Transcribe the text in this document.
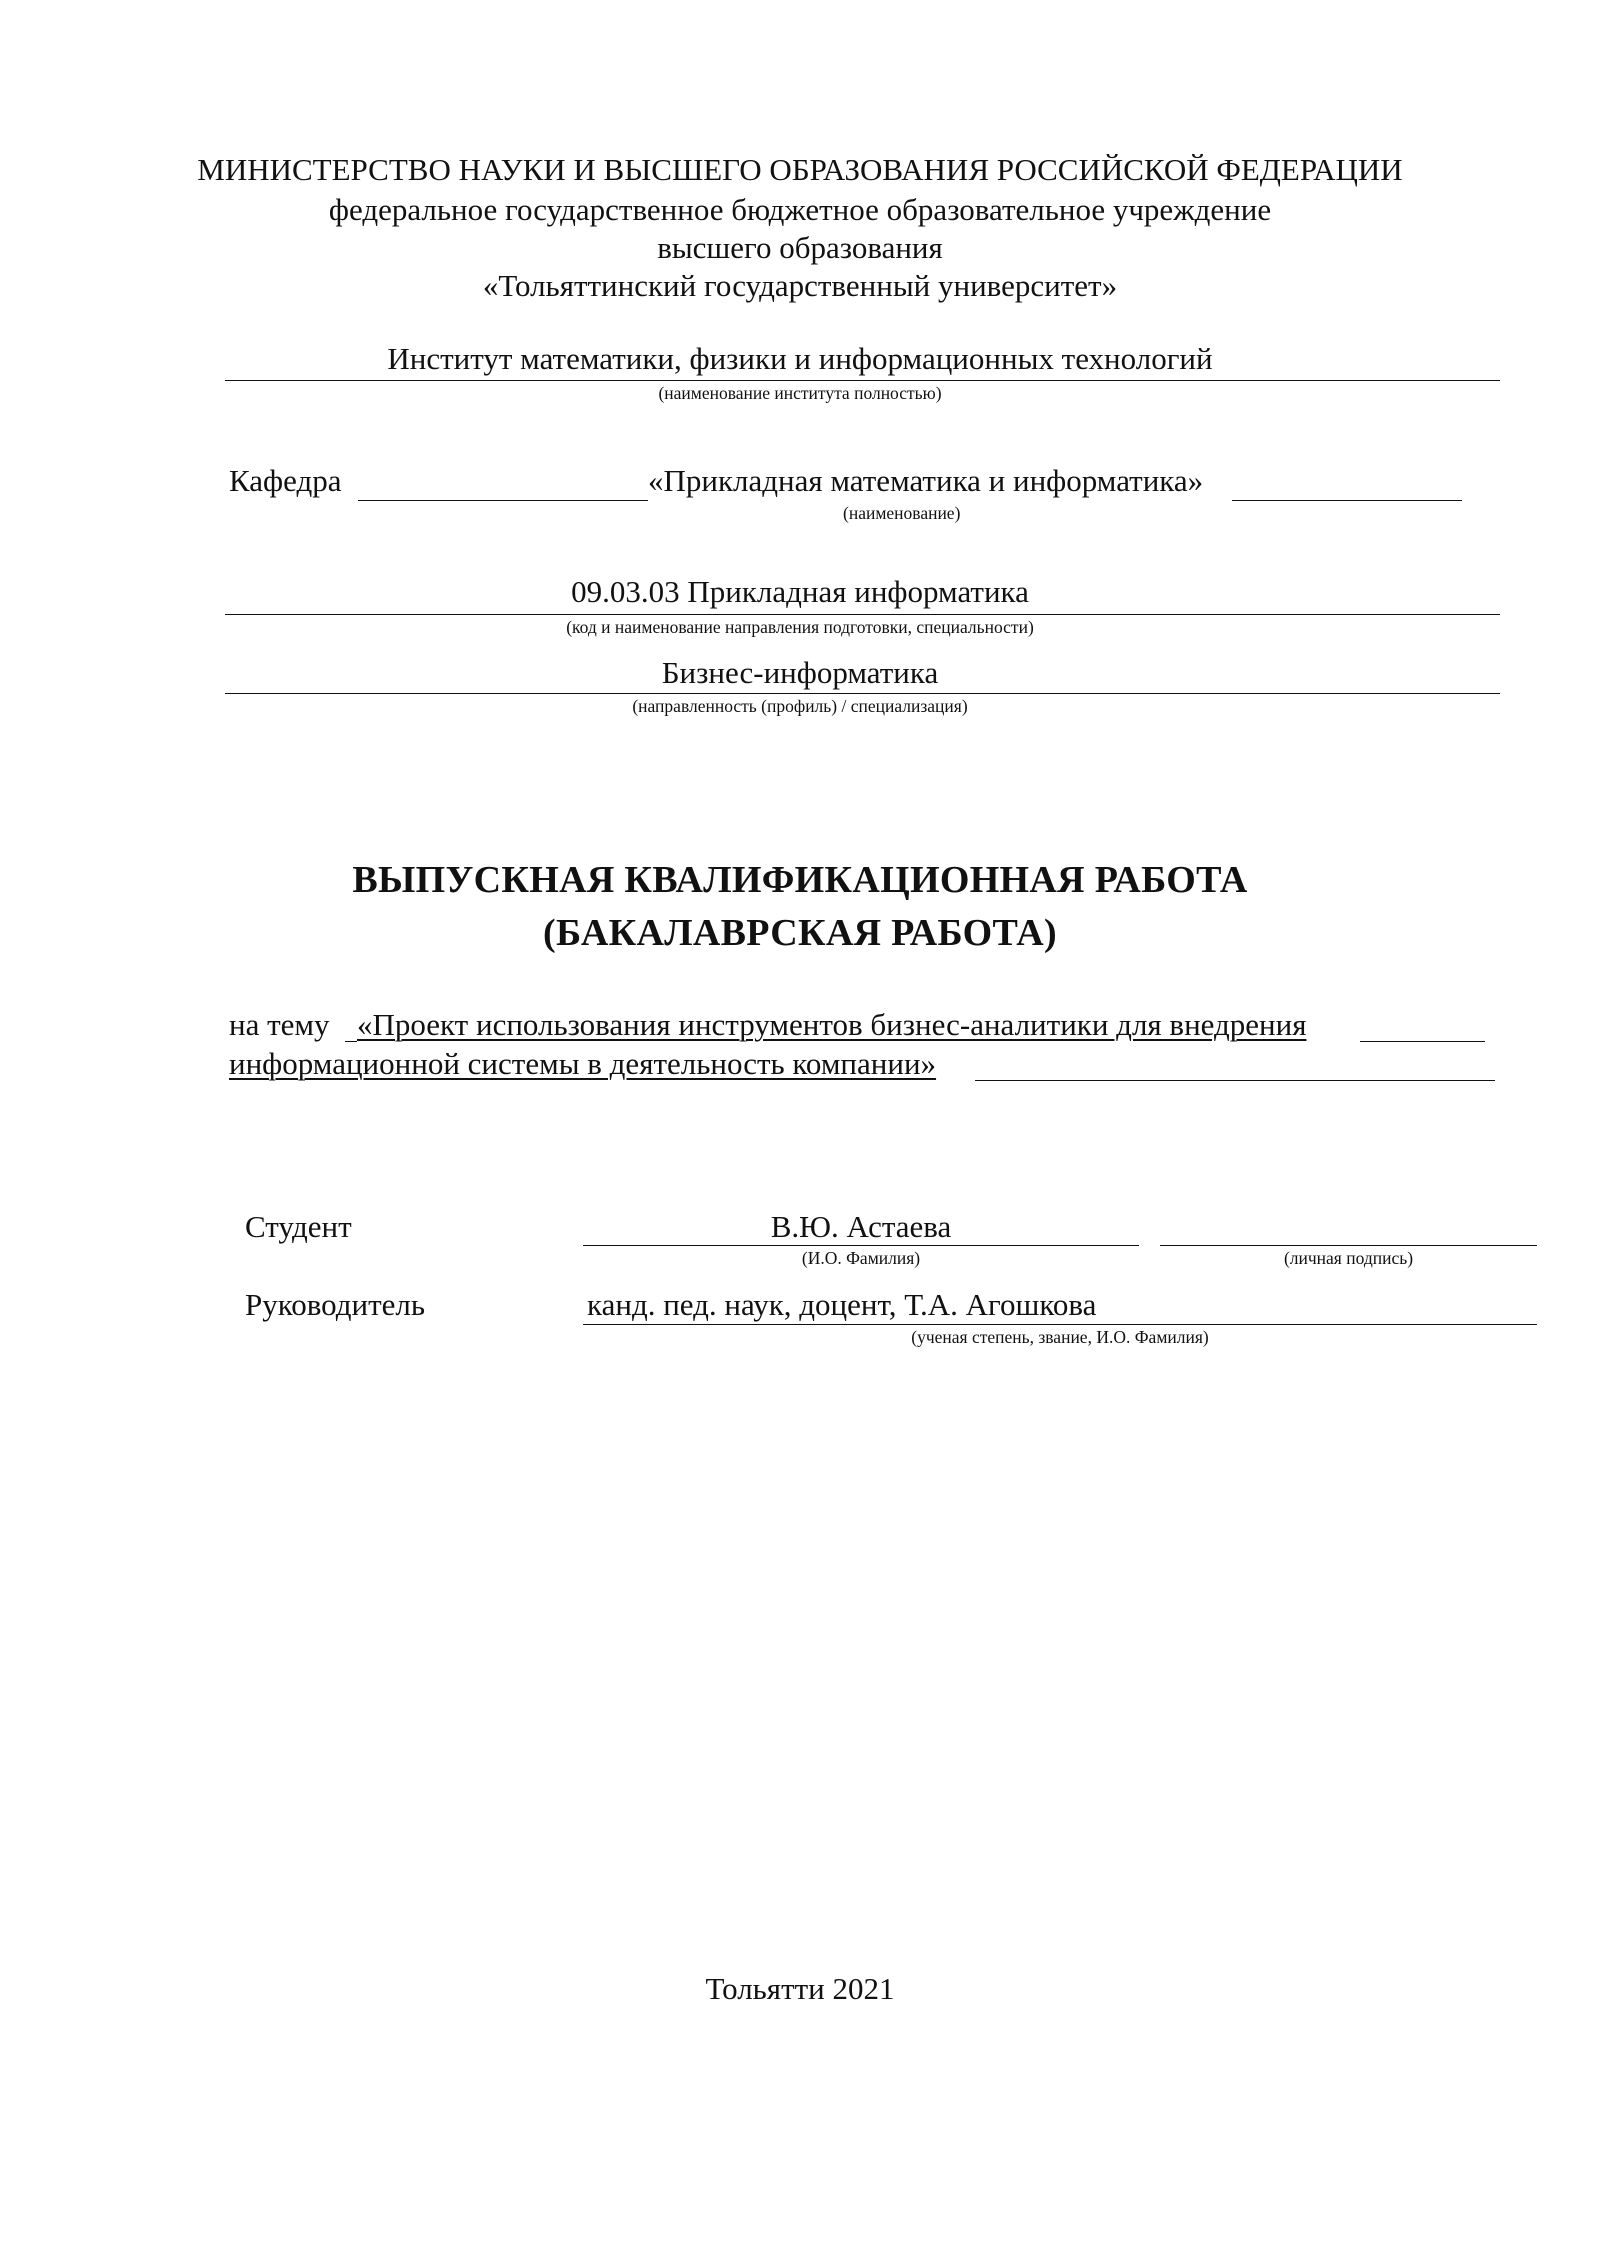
МИНИСТЕРСТВО НАУКИ И ВЫСШЕГО ОБРАЗОВАНИЯ РОССИЙСКОЙ ФЕДЕРАЦИИ
федеральное государственное бюджетное образовательное учреждение
высшего образования
«Тольяттинский государственный университет»
Институт математики, физики и информационных технологий
(наименование института полностью)
Кафедра	«Прикладная математика и информатика»
(наименование)
09.03.03 Прикладная информатика
(код и наименование направления подготовки, специальности)
Бизнес-информатика
(направленность (профиль) / специализация)
ВЫПУСКНАЯ КВАЛИФИКАЦИОННАЯ РАБОТА
(БАКАЛАВРСКАЯ РАБОТА)
на тему «Проект использования инструментов бизнес-аналитики для внедрения
информационной системы в деятельность компании»
Студент	В.Ю. Астаева
(И.О. Фамилия)	(личная подпись)
Руководитель	канд. пед. наук, доцент, Т.А. Агошкова
(ученая степень, звание, И.О. Фамилия)
Тольятти 2021
